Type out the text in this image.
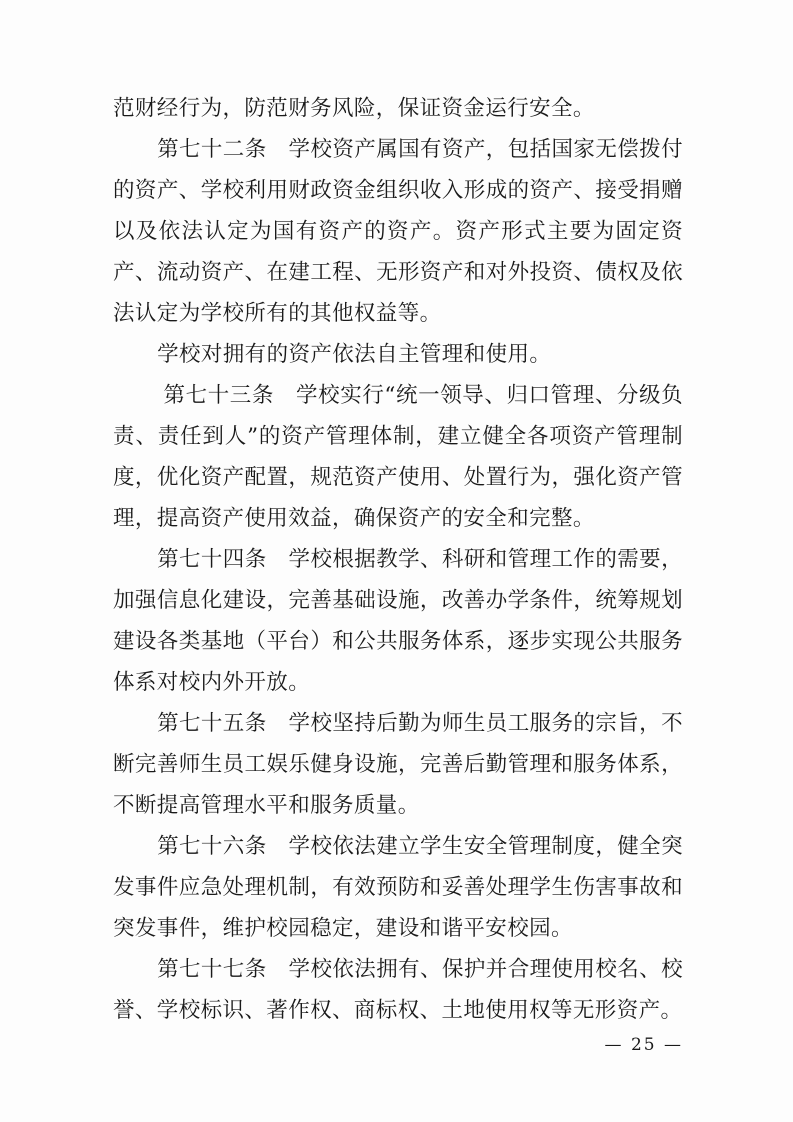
范财经行为，防范财务风险，保证资金运行安全。

第七十二条　学校资产属国有资产，包括国家无偿拨付的资产、学校利用财政资金组织收入形成的资产、接受捐赠以及依法认定为国有资产的资产。资产形式主要为固定资产、流动资产、在建工程、无形资产和对外投资、债权及依法认定为学校所有的其他权益等。

学校对拥有的资产依法自主管理和使用。

第七十三条　学校实行“统一领导、归口管理、分级负责、责任到人”的资产管理体制，建立健全各项资产管理制度，优化资产配置，规范资产使用、处置行为，强化资产管理，提高资产使用效益，确保资产的安全和完整。

第七十四条　学校根据教学、科研和管理工作的需要，加强信息化建设，完善基础设施，改善办学条件，统筹规划建设各类基地（平台）和公共服务体系，逐步实现公共服务体系对校内外开放。

第七十五条　学校坚持后勤为师生员工服务的宗旨，不断完善师生员工娱乐健身设施，完善后勤管理和服务体系，不断提高管理水平和服务质量。

第七十六条　学校依法建立学生安全管理制度，健全突发事件应急处理机制，有效预防和妥善处理学生伤害事故和突发事件，维护校园稳定，建设和谐平安校园。

第七十七条　学校依法拥有、保护并合理使用校名、校誉、学校标识、著作权、商标权、土地使用权等无形资产。

— 25 —
